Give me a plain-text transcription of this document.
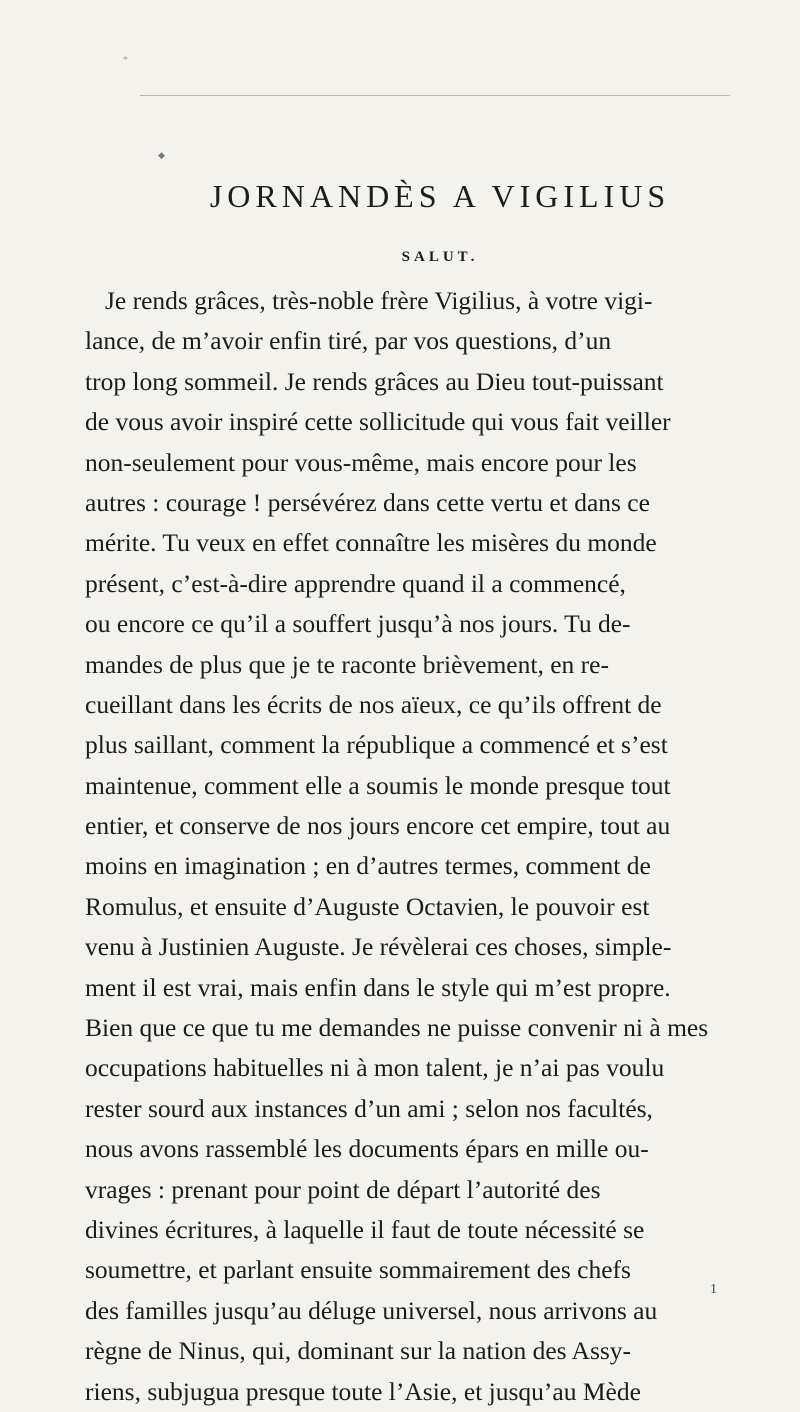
*
◆
JORNANDÈS A VIGILIUS
SALUT.
Je rends grâces, très-noble frère Vigilius, à votre vigi-
lance, de m’avoir enfin tiré, par vos questions, d’un
trop long sommeil. Je rends grâces au Dieu tout-puissant
de vous avoir inspiré cette sollicitude qui vous fait veiller
non-seulement pour vous-même, mais encore pour les
autres : courage ! persévérez dans cette vertu et dans ce
mérite. Tu veux en effet connaître les misères du monde
présent, c’est-à-dire apprendre quand il a commencé,
ou encore ce qu’il a souffert jusqu’à nos jours. Tu de-
mandes de plus que je te raconte brièvement, en re-
cueillant dans les écrits de nos aïeux, ce qu’ils offrent de
plus saillant, comment la république a commencé et s’est
maintenue, comment elle a soumis le monde presque tout
entier, et conserve de nos jours encore cet empire, tout au
moins en imagination ; en d’autres termes, comment de
Romulus, et ensuite d’Auguste Octavien, le pouvoir est
venu à Justinien Auguste. Je révèlerai ces choses, simple-
ment il est vrai, mais enfin dans le style qui m’est propre.
Bien que ce que tu me demandes ne puisse convenir ni à mes
occupations habituelles ni à mon talent, je n’ai pas voulu
rester sourd aux instances d’un ami ; selon nos facultés,
nous avons rassemblé les documents épars en mille ou-
vrages : prenant pour point de départ l’autorité des
divines écritures, à laquelle il faut de toute nécessité se
soumettre, et parlant ensuite sommairement des chefs
des familles jusqu’au déluge universel, nous arrivons au
règne de Ninus, qui, dominant sur la nation des Assy-
riens, subjugua presque toute l’Asie, et jusqu’au Mède
1
